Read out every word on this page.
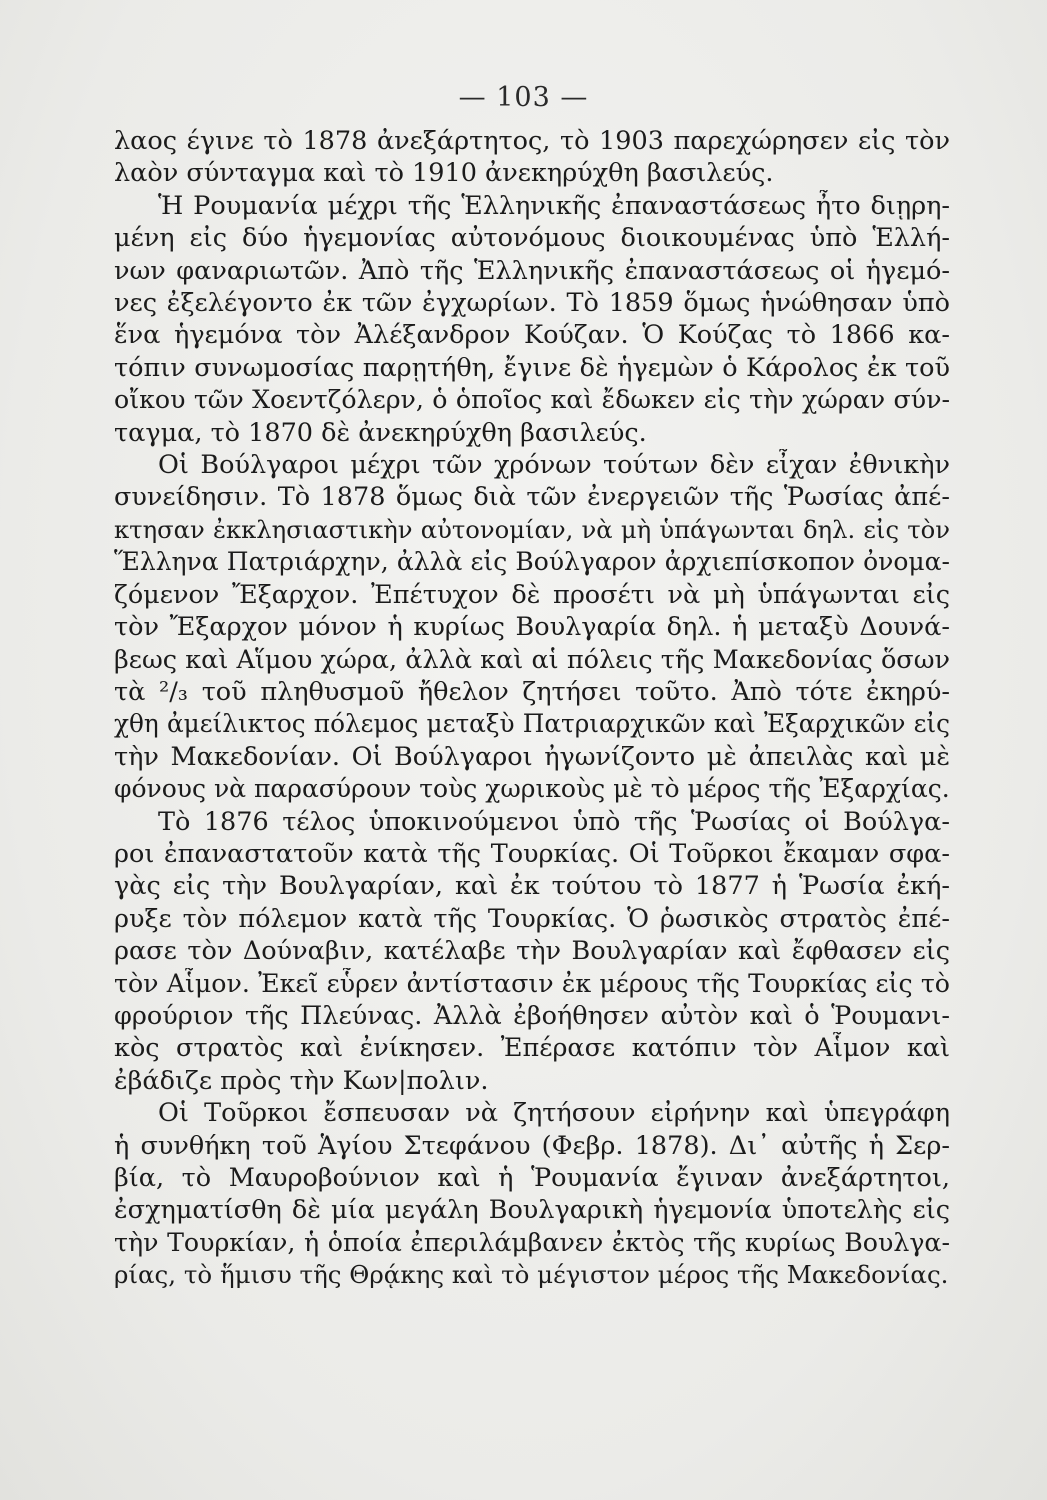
— 103 —
λαος έγινε τὸ 1878 ἀνεξάρτητος, τὸ 1903 παρεχώρησεν εἰς τὸν
λαὸν σύνταγμα καὶ τὸ 1910 ἀνεκηρύχθη βασιλεύς.
Ἡ Ρουμανία μέχρι τῆς Ἑλληνικῆς ἐπαναστάσεως ἦτο διῃρη-
μένη εἰς δύο ἡγεμονίας αὐτονόμους διοικουμένας ὑπὸ Ἑλλή-
νων φαναριωτῶν. Ἀπὸ τῆς Ἑλληνικῆς ἐπαναστάσεως οἱ ἡγεμό-
νες ἐξελέγοντο ἐκ τῶν ἐγχωρίων. Τὸ 1859 ὅμως ἡνώθησαν ὑπὸ
ἕνα ἡγεμόνα τὸν Ἀλέξανδρον Κούζαν. Ὁ Κούζας τὸ 1866 κα-
τόπιν συνωμοσίας παρῃτήθη, ἔγινε δὲ ἡγεμὼν ὁ Κάρολος ἐκ τοῦ
οἴκου τῶν Χοεντζόλερν, ὁ ὁποῖος καὶ ἔδωκεν εἰς τὴν χώραν σύν-
ταγμα, τὸ 1870 δὲ ἀνεκηρύχθη βασιλεύς.
Οἱ Βούλγαροι μέχρι τῶν χρόνων τούτων δὲν εἶχαν ἐθνικὴν
συνείδησιν. Τὸ 1878 ὅμως διὰ τῶν ἐνεργειῶν τῆς Ῥωσίας ἀπέ-
κτησαν ἐκκλησιαστικὴν αὐτονομίαν, νὰ μὴ ὑπάγωνται δηλ. εἰς τὸν
Ἕλληνα Πατριάρχην, ἀλλὰ εἰς Βούλγαρον ἀρχιεπίσκοπον ὀνομα-
ζόμενον Ἔξαρχον. Ἐπέτυχον δὲ προσέτι νὰ μὴ ὑπάγωνται εἰς
τὸν Ἔξαρχον μόνον ἡ κυρίως Βουλγαρία δηλ. ἡ μεταξὺ Δουνά-
βεως καὶ Αἵμου χώρα, ἀλλὰ καὶ αἱ πόλεις τῆς Μακεδονίας ὅσων
τὰ ²/₃ τοῦ πληθυσμοῦ ἤθελον ζητήσει τοῦτο. Ἀπὸ τότε ἐκηρύ-
χθη ἀμείλικτος πόλεμος μεταξὺ Πατριαρχικῶν καὶ Ἐξαρχικῶν εἰς
τὴν Μακεδονίαν. Οἱ Βούλγαροι ἠγωνίζοντο μὲ ἀπειλὰς καὶ μὲ
φόνους νὰ παρασύρουν τοὺς χωρικοὺς μὲ τὸ μέρος τῆς Ἐξαρχίας.
Τὸ 1876 τέλος ὑποκινούμενοι ὑπὸ τῆς Ῥωσίας οἱ Βούλγα-
ροι ἐπαναστατοῦν κατὰ τῆς Τουρκίας. Οἱ Τοῦρκοι ἔκαμαν σφα-
γὰς εἰς τὴν Βουλγαρίαν, καὶ ἐκ τούτου τὸ 1877 ἡ Ῥωσία ἐκή-
ρυξε τὸν πόλεμον κατὰ τῆς Τουρκίας. Ὁ ῥωσικὸς στρατὸς ἐπέ-
ρασε τὸν Δούναβιν, κατέλαβε τὴν Βουλγαρίαν καὶ ἔφθασεν εἰς
τὸν Αἷμον. Ἐκεῖ εὗρεν ἀντίστασιν ἐκ μέρους τῆς Τουρκίας εἰς τὸ
φρούριον τῆς Πλεύνας. Ἀλλὰ ἐβοήθησεν αὐτὸν καὶ ὁ Ῥουμανι-
κὸς στρατὸς καὶ ἐνίκησεν. Ἐπέρασε κατόπιν τὸν Αἷμον καὶ
ἐβάδιζε πρὸς τὴν Κων|πολιν.
Οἱ Τοῦρκοι ἔσπευσαν νὰ ζητήσουν εἰρήνην καὶ ὑπεγράφη
ἡ συνθήκη τοῦ Ἁγίου Στεφάνου (Φεβρ. 1878). Δι᾿ αὐτῆς ἡ Σερ-
βία, τὸ Μαυροβούνιον καὶ ἡ Ῥουμανία ἔγιναν ἀνεξάρτητοι,
ἐσχηματίσθη δὲ μία μεγάλη Βουλγαρικὴ ἡγεμονία ὑποτελὴς εἰς
τὴν Τουρκίαν, ἡ ὁποία ἐπεριλάμβανεν ἐκτὸς τῆς κυρίως Βουλγα-
ρίας, τὸ ἥμισυ τῆς Θρᾴκης καὶ τὸ μέγιστον μέρος τῆς Μακεδονίας.
